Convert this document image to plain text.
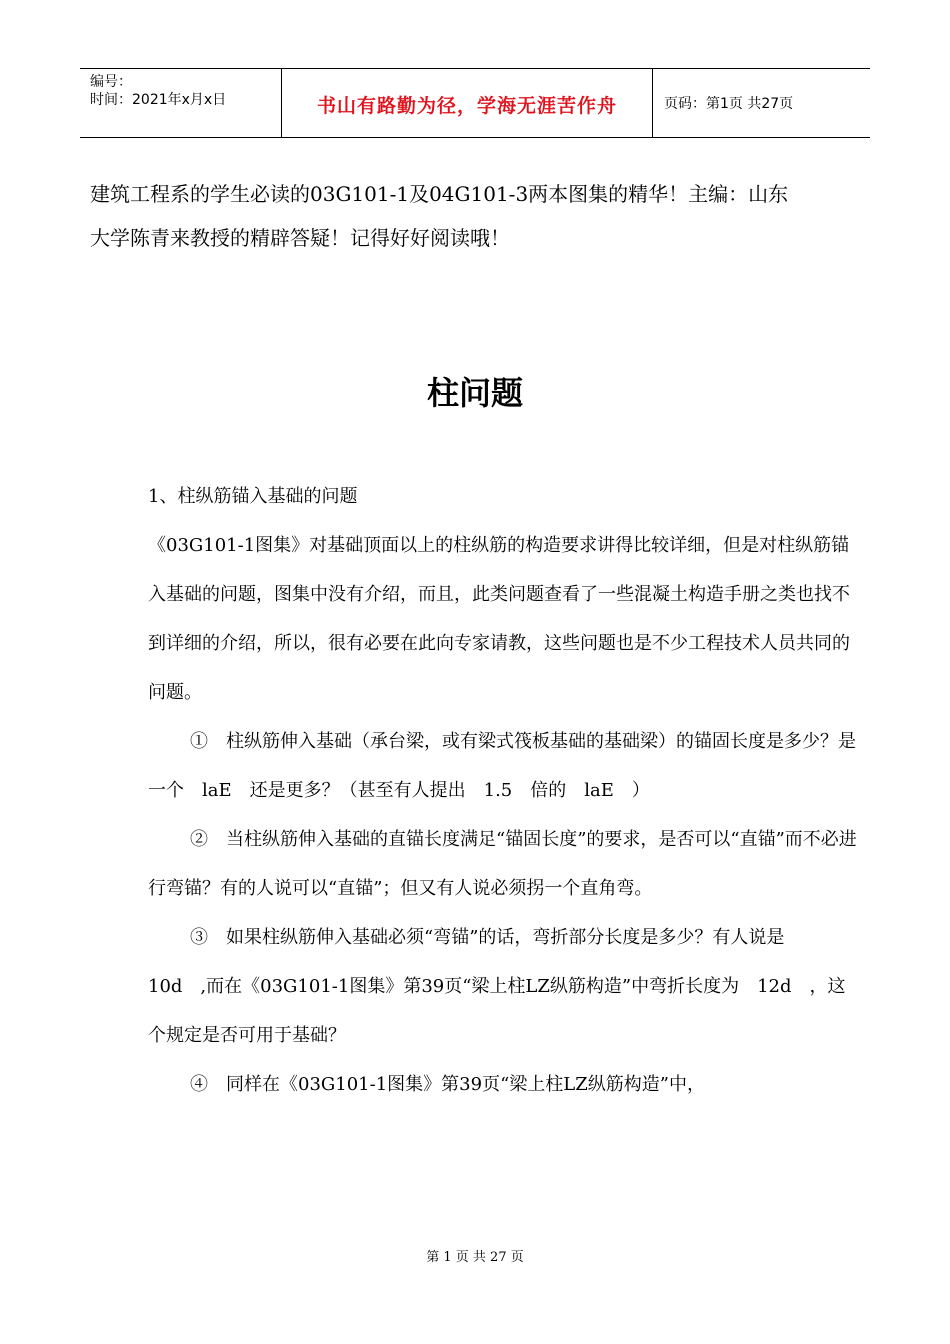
编号：
时间：2021年x月x日	书山有路勤为径，学海无涯苦作舟	页码：第1页 共27页
建筑工程系的学生必读的03G101-1及04G101-3两本图集的精华！主编：山东
大学陈青来教授的精辟答疑！记得好好阅读哦！
柱问题

1、柱纵筋锚入基础的问题

《03G101-1图集》对基础顶面以上的柱纵筋的构造要求讲得比较详细，但是对柱纵筋锚入基础的问题，图集中没有介绍，而且，此类问题查看了一些混凝土构造手册之类也找不到详细的介绍，所以，很有必要在此向专家请教，这些问题也是不少工程技术人员共同的问题。

①　柱纵筋伸入基础（承台梁，或有梁式筏板基础的基础梁）的锚固长度是多少？是一个　laE　还是更多？（甚至有人提出　1.5　倍的　laE　）

②　当柱纵筋伸入基础的直锚长度满足“锚固长度”的要求，是否可以“直锚”而不必进行弯锚？有的人说可以“直锚”；但又有人说必须拐一个直角弯。

③　如果柱纵筋伸入基础必须“弯锚”的话，弯折部分长度是多少？有人说是　10d　,而在《03G101-1图集》第39页“梁上柱LZ纵筋构造”中弯折长度为　12d　，这个规定是否可用于基础？

④　同样在《03G101-1图集》第39页“梁上柱LZ纵筋构造”中，

第 1 页 共 27 页
